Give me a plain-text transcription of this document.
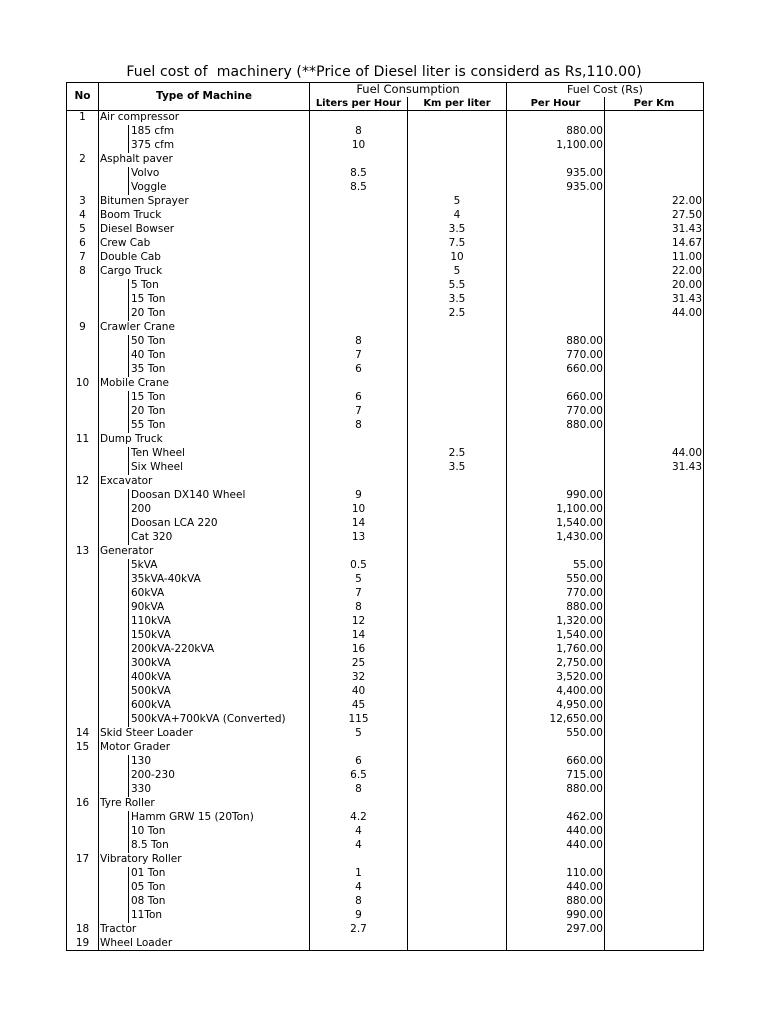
Fuel cost of  machinery (**Price of Diesel liter is considerd as Rs,110.00)
No	Type of Machine		Fuel Consumption		Fuel Cost (Rs)	
			Liters per Hour	Km per liter	Per Hour	Per Km
1	Air compressor					
		185 cfm	8		880.00	
		375 cfm	10		1,100.00	
2	Asphalt paver					
		Volvo	8.5		935.00	
		Voggle	8.5		935.00	
3	Bitumen Sprayer			5		22.00
4	Boom Truck			4		27.50
5	Diesel Bowser			3.5		31.43
6	Crew Cab			7.5		14.67
7	Double Cab			10		11.00
8	Cargo Truck			5		22.00
		5 Ton		5.5		20.00
		15 Ton		3.5		31.43
		20 Ton		2.5		44.00
9	Crawler Crane					
		50 Ton	8		880.00	
		40 Ton	7		770.00	
		35 Ton	6		660.00	
10	Mobile Crane					
		15 Ton	6		660.00	
		20 Ton	7		770.00	
		55 Ton	8		880.00	
11	Dump Truck					
		Ten Wheel		2.5		44.00
		Six Wheel		3.5		31.43
12	Excavator					
		Doosan DX140 Wheel	9		990.00	
		200	10		1,100.00	
		Doosan LCA 220	14		1,540.00	
		Cat 320	13		1,430.00	
13	Generator					
		5kVA	0.5		55.00	
		35kVA-40kVA	5		550.00	
		60kVA	7		770.00	
		90kVA	8		880.00	
		110kVA	12		1,320.00	
		150kVA	14		1,540.00	
		200kVA-220kVA	16		1,760.00	
		300kVA	25		2,750.00	
		400kVA	32		3,520.00	
		500kVA	40		4,400.00	
		600kVA	45		4,950.00	
		500kVA+700kVA (Converted)	115		12,650.00	
14	Skid Steer Loader		5		550.00	
15	Motor Grader					
		130	6		660.00	
		200-230	6.5		715.00	
		330	8		880.00	
16	Tyre Roller					
		Hamm GRW 15 (20Ton)	4.2		462.00	
		10 Ton	4		440.00	
		8.5 Ton	4		440.00	
17	Vibratory Roller					
		01 Ton	1		110.00	
		05 Ton	4		440.00	
		08 Ton	8		880.00	
		11Ton	9		990.00	
18	Tractor		2.7		297.00	
19	Wheel Loader					
